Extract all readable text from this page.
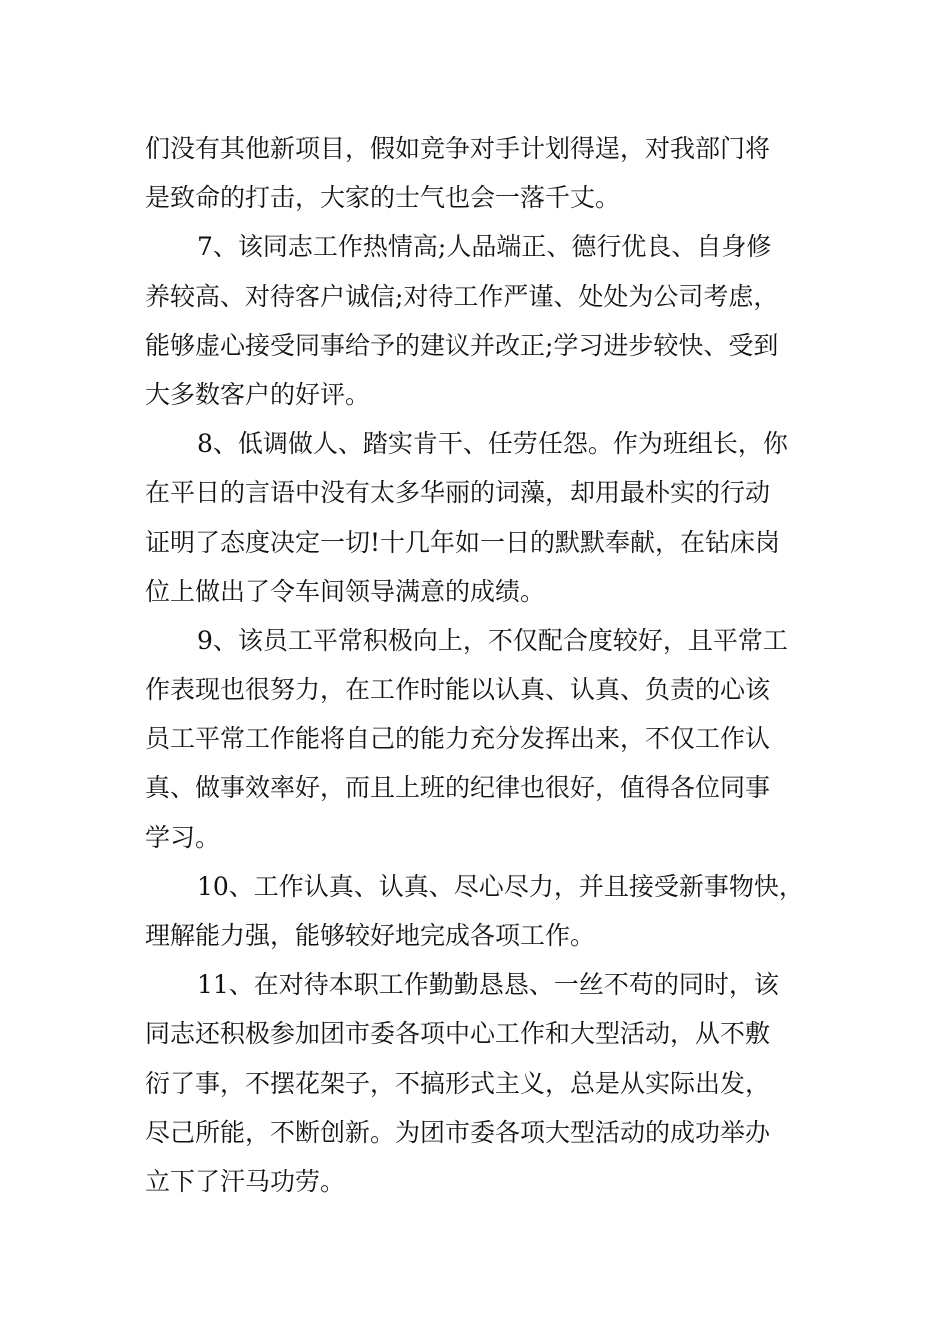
们没有其他新项目，假如竞争对手计划得逞，对我部门将
是致命的打击，大家的士气也会一落千丈。
7、该同志工作热情高;人品端正、德行优良、自身修
养较高、对待客户诚信;对待工作严谨、处处为公司考虑，
能够虚心接受同事给予的建议并改正;学习进步较快、受到
大多数客户的好评。
8、低调做人、踏实肯干、任劳任怨。作为班组长，你
在平日的言语中没有太多华丽的词藻，却用最朴实的行动
证明了态度决定一切!十几年如一日的默默奉献，在钻床岗
位上做出了令车间领导满意的成绩。
9、该员工平常积极向上，不仅配合度较好，且平常工
作表现也很努力，在工作时能以认真、认真、负责的心该
员工平常工作能将自己的能力充分发挥出来，不仅工作认
真、做事效率好，而且上班的纪律也很好，值得各位同事
学习。
10、工作认真、认真、尽心尽力，并且接受新事物快，
理解能力强，能够较好地完成各项工作。
11、在对待本职工作勤勤恳恳、一丝不苟的同时，该
同志还积极参加团市委各项中心工作和大型活动，从不敷
衍了事，不摆花架子，不搞形式主义，总是从实际出发，
尽己所能，不断创新。为团市委各项大型活动的成功举办
立下了汗马功劳。
